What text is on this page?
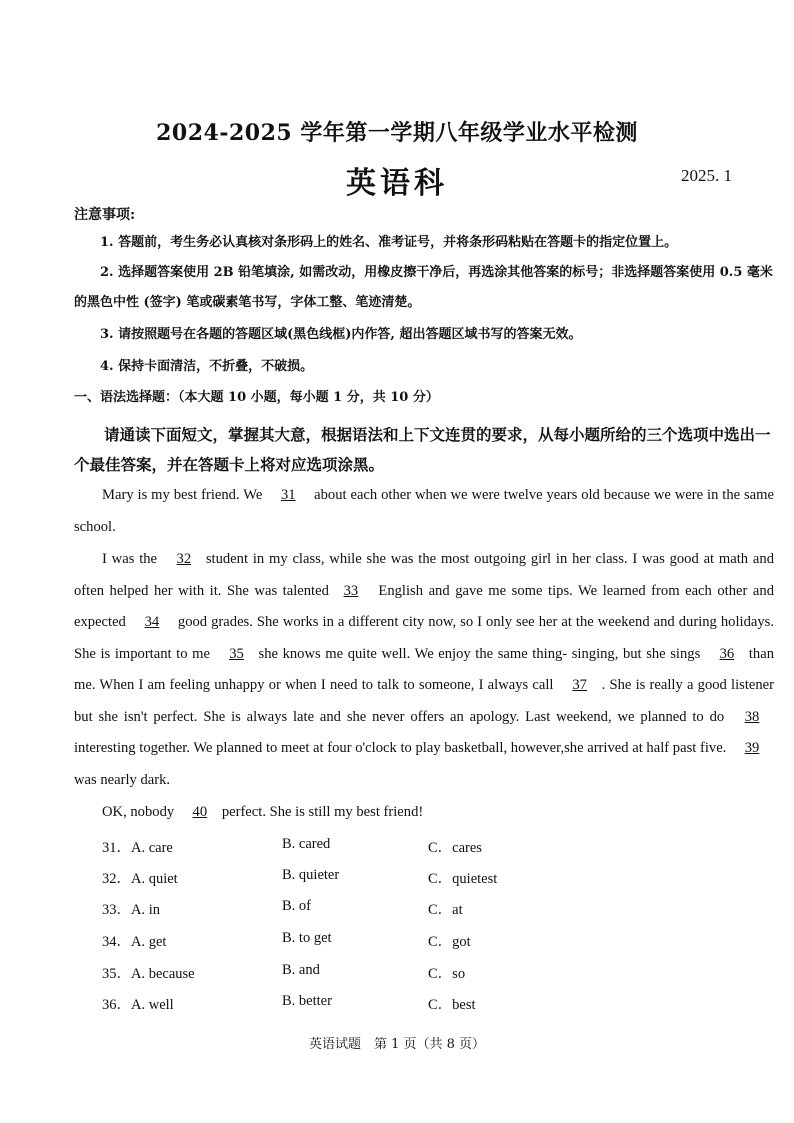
2024-2025 学年第一学期八年级学业水平检测
英语科	2025. 1
注意事项:
1. 答题前，考生务必认真核对条形码上的姓名、准考证号，并将条形码粘贴在答题卡的指定位置上。
2. 选择题答案使用 2B 铅笔填涂, 如需改动，用橡皮擦干净后，再选涂其他答案的标号；非选择题答案使用 0.5 毫米的黑色中性 (签字) 笔或碳素笔书写，字体工整、笔迹清楚。
3. 请按照题号在各题的答题区域(黑色线框)内作答, 超出答题区域书写的答案无效。
4. 保持卡面清洁，不折叠，不破损。
一、语法选择题：（本大题 10 小题，每小题 1 分，共 10 分）
请通读下面短文，掌握其大意，根据语法和上下文连贯的要求，从每小题所给的三个选项中选出一个最佳答案，并在答题卡上将对应选项涂黑。

Mary is my best friend. We 31 about each other when we were twelve years old because we were in the same school.

I was the 32 student in my class, while she was the most outgoing girl in her class. I was good at math and often helped her with it. She was talented 33 English and gave me some tips. We learned from each other and expected 34 good grades. She works in a different city now, so I only see her at the weekend and during holidays. She is important to me 35 she knows me quite well. We enjoy the same thing- singing, but she sings 36 than me. When I am feeling unhappy or when I need to talk to someone, I always call 37 . She is really a good listener but she isn't perfect. She is always late and she never offers an apology. Last weekend, we planned to do 38 interesting together. We planned to meet at four o'clock to play basketball, however,she arrived at half past five. 39was nearly dark.

OK, nobody 40 perfect. She is still my best friend!

31．A. care	B. cared	C．cares
32．A. quiet	B. quieter	C．quietest
33．A. in	B. of	C．at
34．A. get	B. to get	C．got
35．A. because	B. and	C．so
36．A. well	B. better	C．best
英语试题　第 1 页（共 8 页）
